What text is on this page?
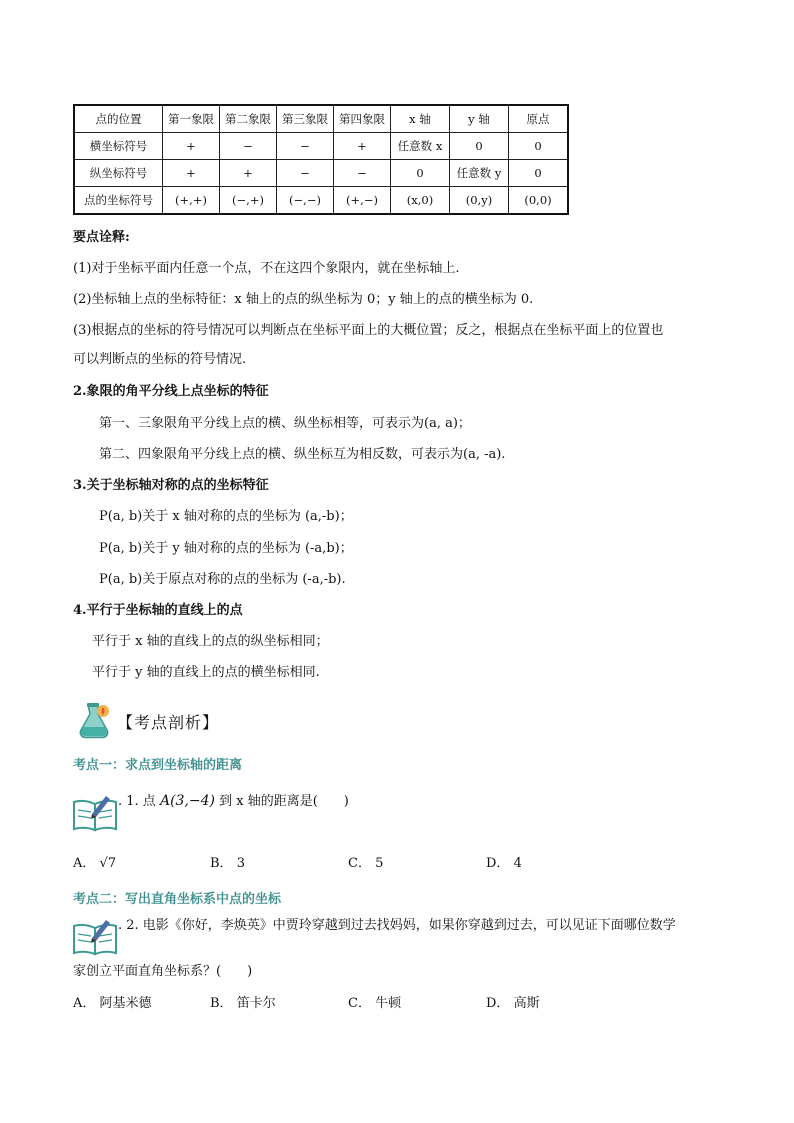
点的位置	第一象限	第二象限	第三象限	第四象限	x 轴	y 轴	原点
横坐标符号	+	−	−	+	任意数 x	0	0
纵坐标符号	+	+	−	−	0	任意数 y	0
点的坐标符号	(+,+)	(−,+)	(−,−)	(+,−)	(x,0)	(0,y)	(0,0)
要点诠释:
(1)对于坐标平面内任意一个点，不在这四个象限内，就在坐标轴上.
(2)坐标轴上点的坐标特征：x 轴上的点的纵坐标为 0；y 轴上的点的横坐标为 0.
(3)根据点的坐标的符号情况可以判断点在坐标平面上的大概位置；反之，根据点在坐标平面上的位置也
可以判断点的坐标的符号情况.
2.象限的角平分线上点坐标的特征
第一、三象限角平分线上点的横、纵坐标相等，可表示为(a, a)；
第二、四象限角平分线上点的横、纵坐标互为相反数，可表示为(a, -a).
3.关于坐标轴对称的点的坐标特征
P(a, b)关于 x 轴对称的点的坐标为 (a,-b)；
P(a, b)关于 y 轴对称的点的坐标为 (-a,b)；
P(a, b)关于原点对称的点的坐标为 (-a,-b).
4.平行于坐标轴的直线上的点
平行于 x 轴的直线上的点的纵坐标相同；
平行于 y 轴的直线上的点的横坐标相同.
【考点剖析】
考点一：求点到坐标轴的距离
. 1. 点 A(3,−4) 到 x 轴的距离是(　　)
A． √7	B． 3	C． 5	D． 4
考点二：写出直角坐标系中点的坐标
. 2. 电影《你好，李焕英》中贾玲穿越到过去找妈妈，如果你穿越到过去，可以见证下面哪位数学
家创立平面直角坐标系？(　　)
A． 阿基米德	B． 笛卡尔	C． 牛顿	D． 高斯
